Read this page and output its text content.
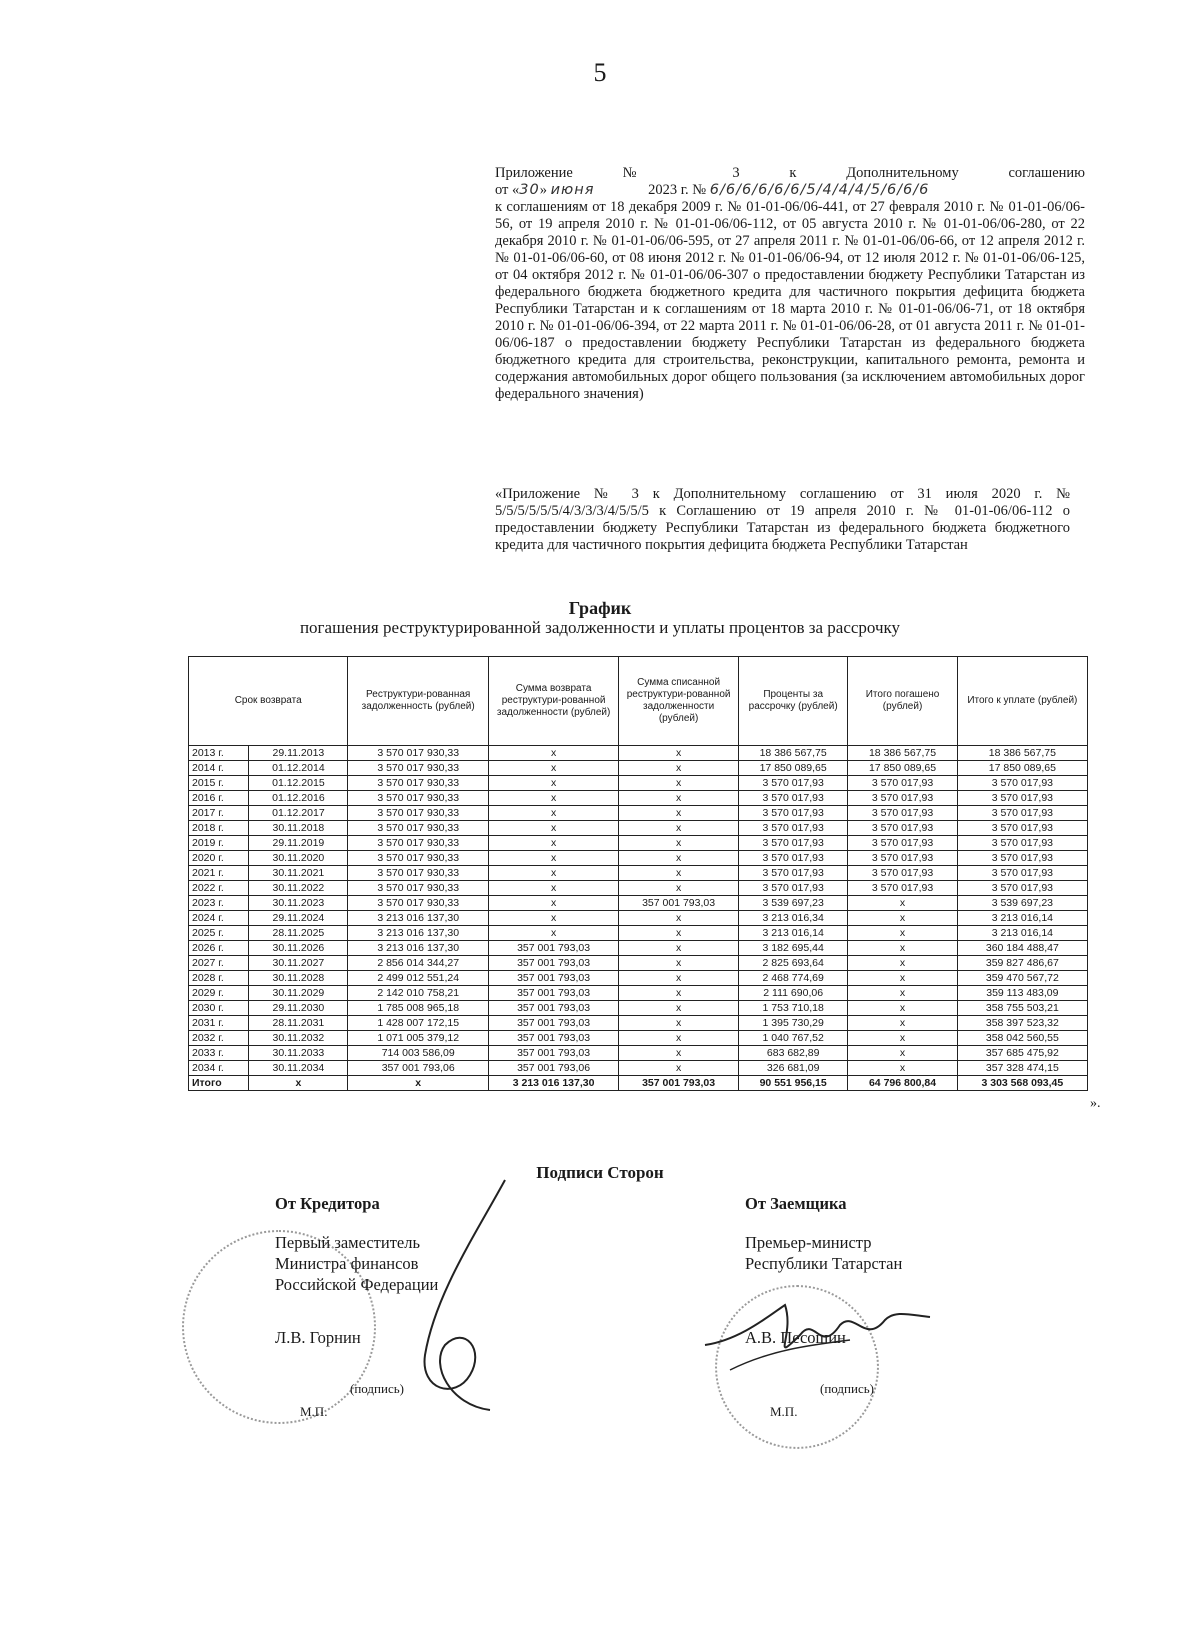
5

Приложение № 3 к Дополнительному соглашению

от «30» июня	2023 г. № 6/6/6/6/6/6/5/4/4/4/5/6/6/6

к соглашениям от 18 декабря 2009 г. № 01-01-06/06-441, от 27 февраля 2010 г. № 01-01-06/06-56, от 19 апреля 2010 г. № 01-01-06/06-112, от 05 августа 2010 г. № 01-01-06/06-280, от 22 декабря 2010 г. № 01-01-06/06-595, от 27 апреля 2011 г. № 01-01-06/06-66, от 12 апреля 2012 г. № 01-01-06/06-60, от 08 июня 2012 г. № 01-01-06/06-94, от 12 июля 2012 г. № 01-01-06/06-125, от 04 октября 2012 г. № 01-01-06/06-307 о предоставлении бюджету Республики Татарстан из федерального бюджета бюджетного кредита для частичного покрытия дефицита бюджета Республики Татарстан и к соглашениям от 18 марта 2010 г. № 01-01-06/06-71, от 18 октября 2010 г. № 01-01-06/06-394, от 22 марта 2011 г. № 01-01-06/06-28, от 01 августа 2011 г. № 01-01-06/06-187 о предоставлении бюджету Республики Татарстан из федерального бюджета бюджетного кредита для строительства, реконструкции, капитального ремонта, ремонта и содержания автомобильных дорог общего пользования (за исключением автомобильных дорог федерального значения)

«Приложение № 3 к Дополнительному соглашению от 31 июля 2020 г. № 5/5/5/5/5/5/4/3/3/3/4/5/5/5 к Соглашению от 19 апреля 2010 г. № 01-01-06/06-112 о предоставлении бюджету Республики Татарстан из федерального бюджета бюджетного кредита для частичного покрытия дефицита бюджета Республики Татарстан
График
погашения реструктурированной задолженности и уплаты процентов за рассрочку
Срок возврата		Реструктури-рованная задолженность (рублей)	Сумма возврата реструктури-рованной задолженности (рублей)	Сумма списанной реструктури-рованной задолженности (рублей)	Проценты за рассрочку (рублей)	Итого погашено (рублей)	Итого к уплате (рублей)
2013 г.	29.11.2013	3 570 017 930,33	x	x	18 386 567,75	18 386 567,75	18 386 567,75
2014 г.	01.12.2014	3 570 017 930,33	x	x	17 850 089,65	17 850 089,65	17 850 089,65
2015 г.	01.12.2015	3 570 017 930,33	x	x	3 570 017,93	3 570 017,93	3 570 017,93
2016 г.	01.12.2016	3 570 017 930,33	x	x	3 570 017,93	3 570 017,93	3 570 017,93
2017 г.	01.12.2017	3 570 017 930,33	x	x	3 570 017,93	3 570 017,93	3 570 017,93
2018 г.	30.11.2018	3 570 017 930,33	x	x	3 570 017,93	3 570 017,93	3 570 017,93
2019 г.	29.11.2019	3 570 017 930,33	x	x	3 570 017,93	3 570 017,93	3 570 017,93
2020 г.	30.11.2020	3 570 017 930,33	x	x	3 570 017,93	3 570 017,93	3 570 017,93
2021 г.	30.11.2021	3 570 017 930,33	x	x	3 570 017,93	3 570 017,93	3 570 017,93
2022 г.	30.11.2022	3 570 017 930,33	x	x	3 570 017,93	3 570 017,93	3 570 017,93
2023 г.	30.11.2023	3 570 017 930,33	x	357 001 793,03	3 539 697,23	x	3 539 697,23
2024 г.	29.11.2024	3 213 016 137,30	x	x	3 213 016,34	x	3 213 016,14
2025 г.	28.11.2025	3 213 016 137,30	x	x	3 213 016,14	x	3 213 016,14
2026 г.	30.11.2026	3 213 016 137,30	357 001 793,03	x	3 182 695,44	x	360 184 488,47
2027 г.	30.11.2027	2 856 014 344,27	357 001 793,03	x	2 825 693,64	x	359 827 486,67
2028 г.	30.11.2028	2 499 012 551,24	357 001 793,03	x	2 468 774,69	x	359 470 567,72
2029 г.	30.11.2029	2 142 010 758,21	357 001 793,03	x	2 111 690,06	x	359 113 483,09
2030 г.	29.11.2030	1 785 008 965,18	357 001 793,03	x	1 753 710,18	x	358 755 503,21
2031 г.	28.11.2031	1 428 007 172,15	357 001 793,03	x	1 395 730,29	x	358 397 523,32
2032 г.	30.11.2032	1 071 005 379,12	357 001 793,03	x	1 040 767,52	x	358 042 560,55
2033 г.	30.11.2033	714 003 586,09	357 001 793,03	x	683 682,89	x	357 685 475,92
2034 г.	30.11.2034	357 001 793,06	357 001 793,06	x	326 681,09	x	357 328 474,15
Итого	x	x	3 213 016 137,30	357 001 793,03	90 551 956,15	64 796 800,84	3 303 568 093,45
».
Подписи Сторон
От Кредитора
Первый заместитель
Министра финансов
Российской Федерации
Л.В. Горнин
(подпись)
М.П.
От Заемщика
Премьер-министр
Республики Татарстан
А.В. Песошин
(подпись)
М.П.
